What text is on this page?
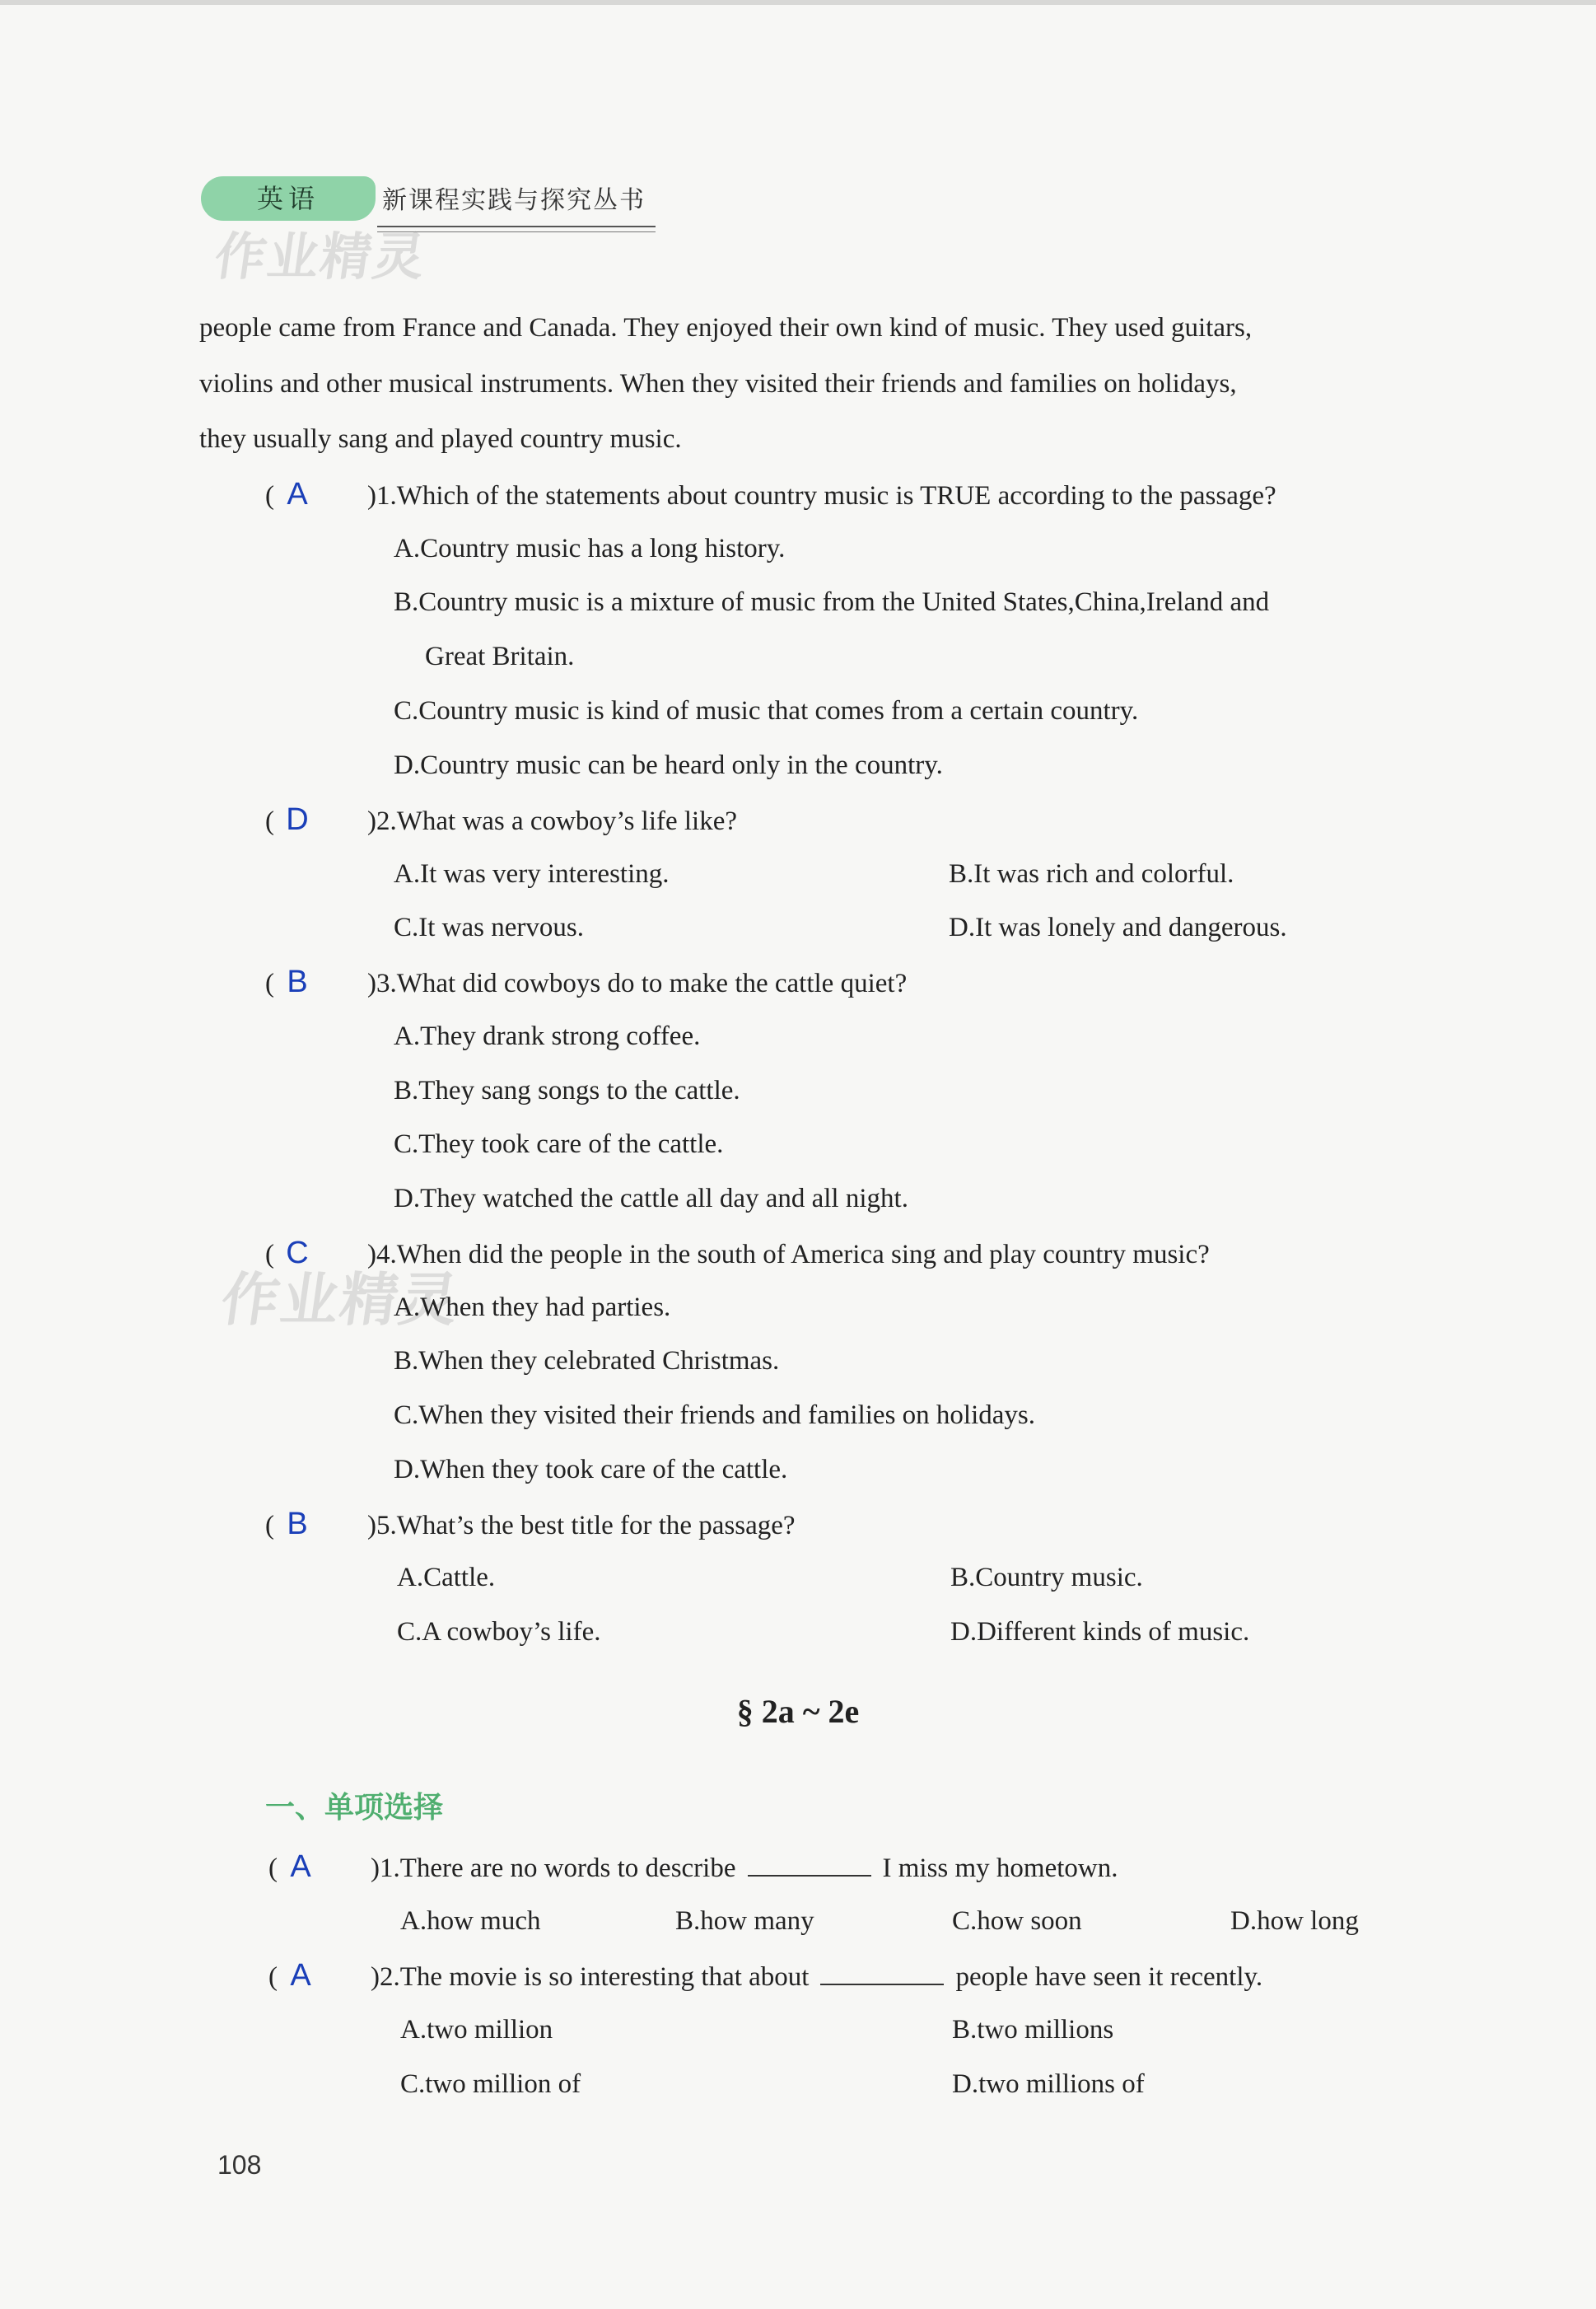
英语	新课程实践与探究丛书
作业精灵
作业精灵
people came from France and Canada. They enjoyed their own kind of music. They used guitars,
violins and other musical instruments. When they visited their friends and families on holidays,
they usually sang and played country music.
( A )1.Which of the statements about country music is TRUE according to the passage?
A.Country music has a long history.
B.Country music is a mixture of music from the United States,China,Ireland and
Great Britain.
C.Country music is kind of music that comes from a certain country.
D.Country music can be heard only in the country.
( D )2.What was a cowboy’s life like?
A.It was very interesting.	B.It was rich and colorful.
C.It was nervous.	D.It was lonely and dangerous.
( B )3.What did cowboys do to make the cattle quiet?
A.They drank strong coffee.
B.They sang songs to the cattle.
C.They took care of the cattle.
D.They watched the cattle all day and all night.
( C )4.When did the people in the south of America sing and play country music?
A.When they had parties.
B.When they celebrated Christmas.
C.When they visited their friends and families on holidays.
D.When they took care of the cattle.
( B )5.What’s the best title for the passage?
A.Cattle.	B.Country music.
C.A cowboy’s life.	D.Different kinds of music.
§ 2a ~ 2e
一、单项选择
( A )1.There are no words to describe	I miss my hometown.
A.how much	B.how many	C.how soon	D.how long
( A )2.The movie is so interesting that about	people have seen it recently.
A.two million	B.two millions
C.two million of	D.two millions of
108
